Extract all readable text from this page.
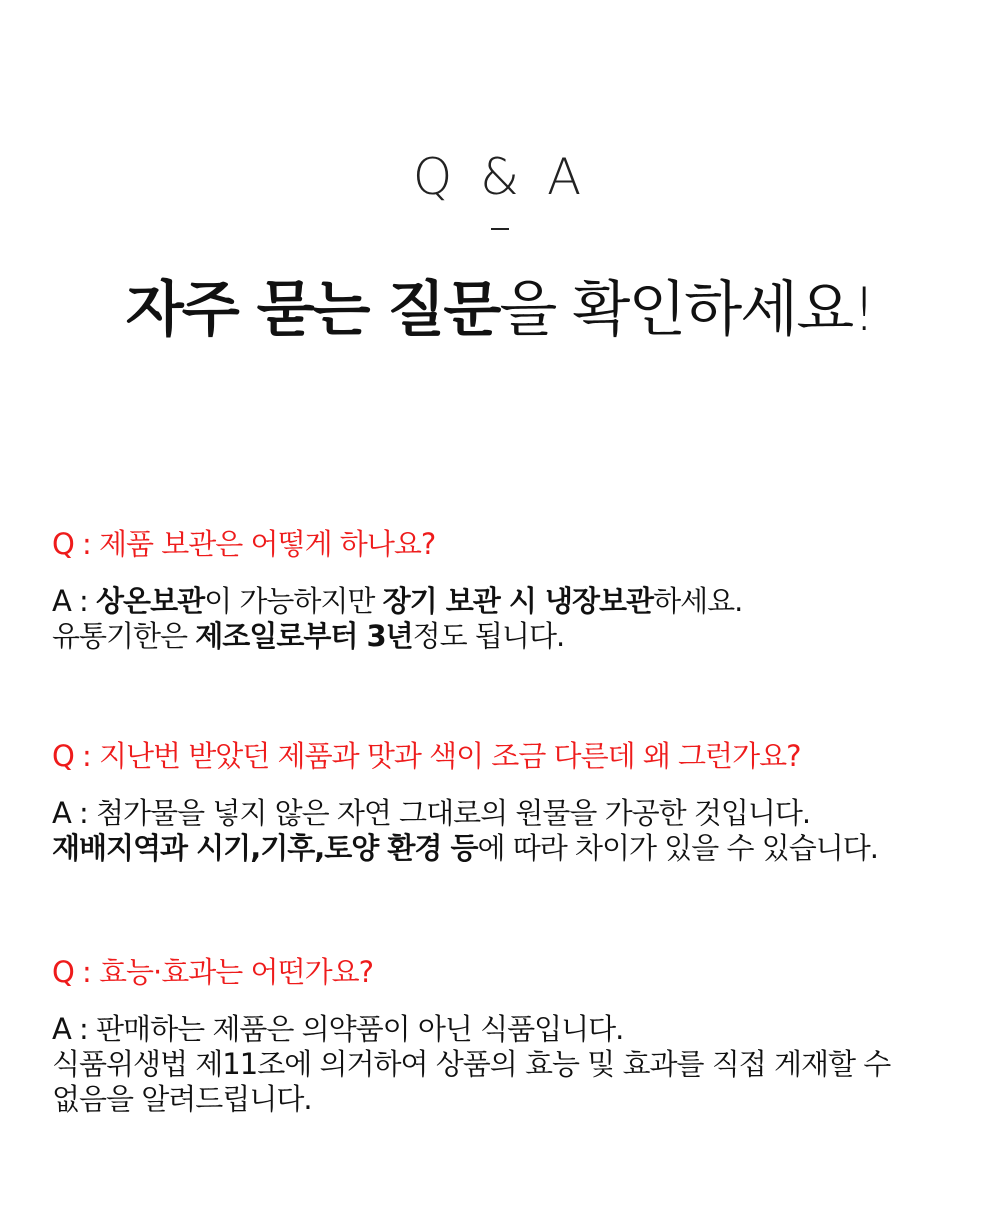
Q & A
자주 묻는 질문을 확인하세요!
Q : 제품 보관은 어떻게 하나요?
A : 상온보관이 가능하지만 장기 보관 시 냉장보관하세요.
유통기한은 제조일로부터 3년정도 됩니다.
Q : 지난번 받았던 제품과 맛과 색이 조금 다른데 왜 그런가요?
A : 첨가물을 넣지 않은 자연 그대로의 원물을 가공한 것입니다.
재배지역과 시기,기후,토양 환경 등에 따라 차이가 있을 수 있습니다.
Q : 효능·효과는 어떤가요?
A : 판매하는 제품은 의약품이 아닌 식품입니다.
식품위생법 제11조에 의거하여 상품의 효능 및 효과를 직접 게재할 수
없음을 알려드립니다.
